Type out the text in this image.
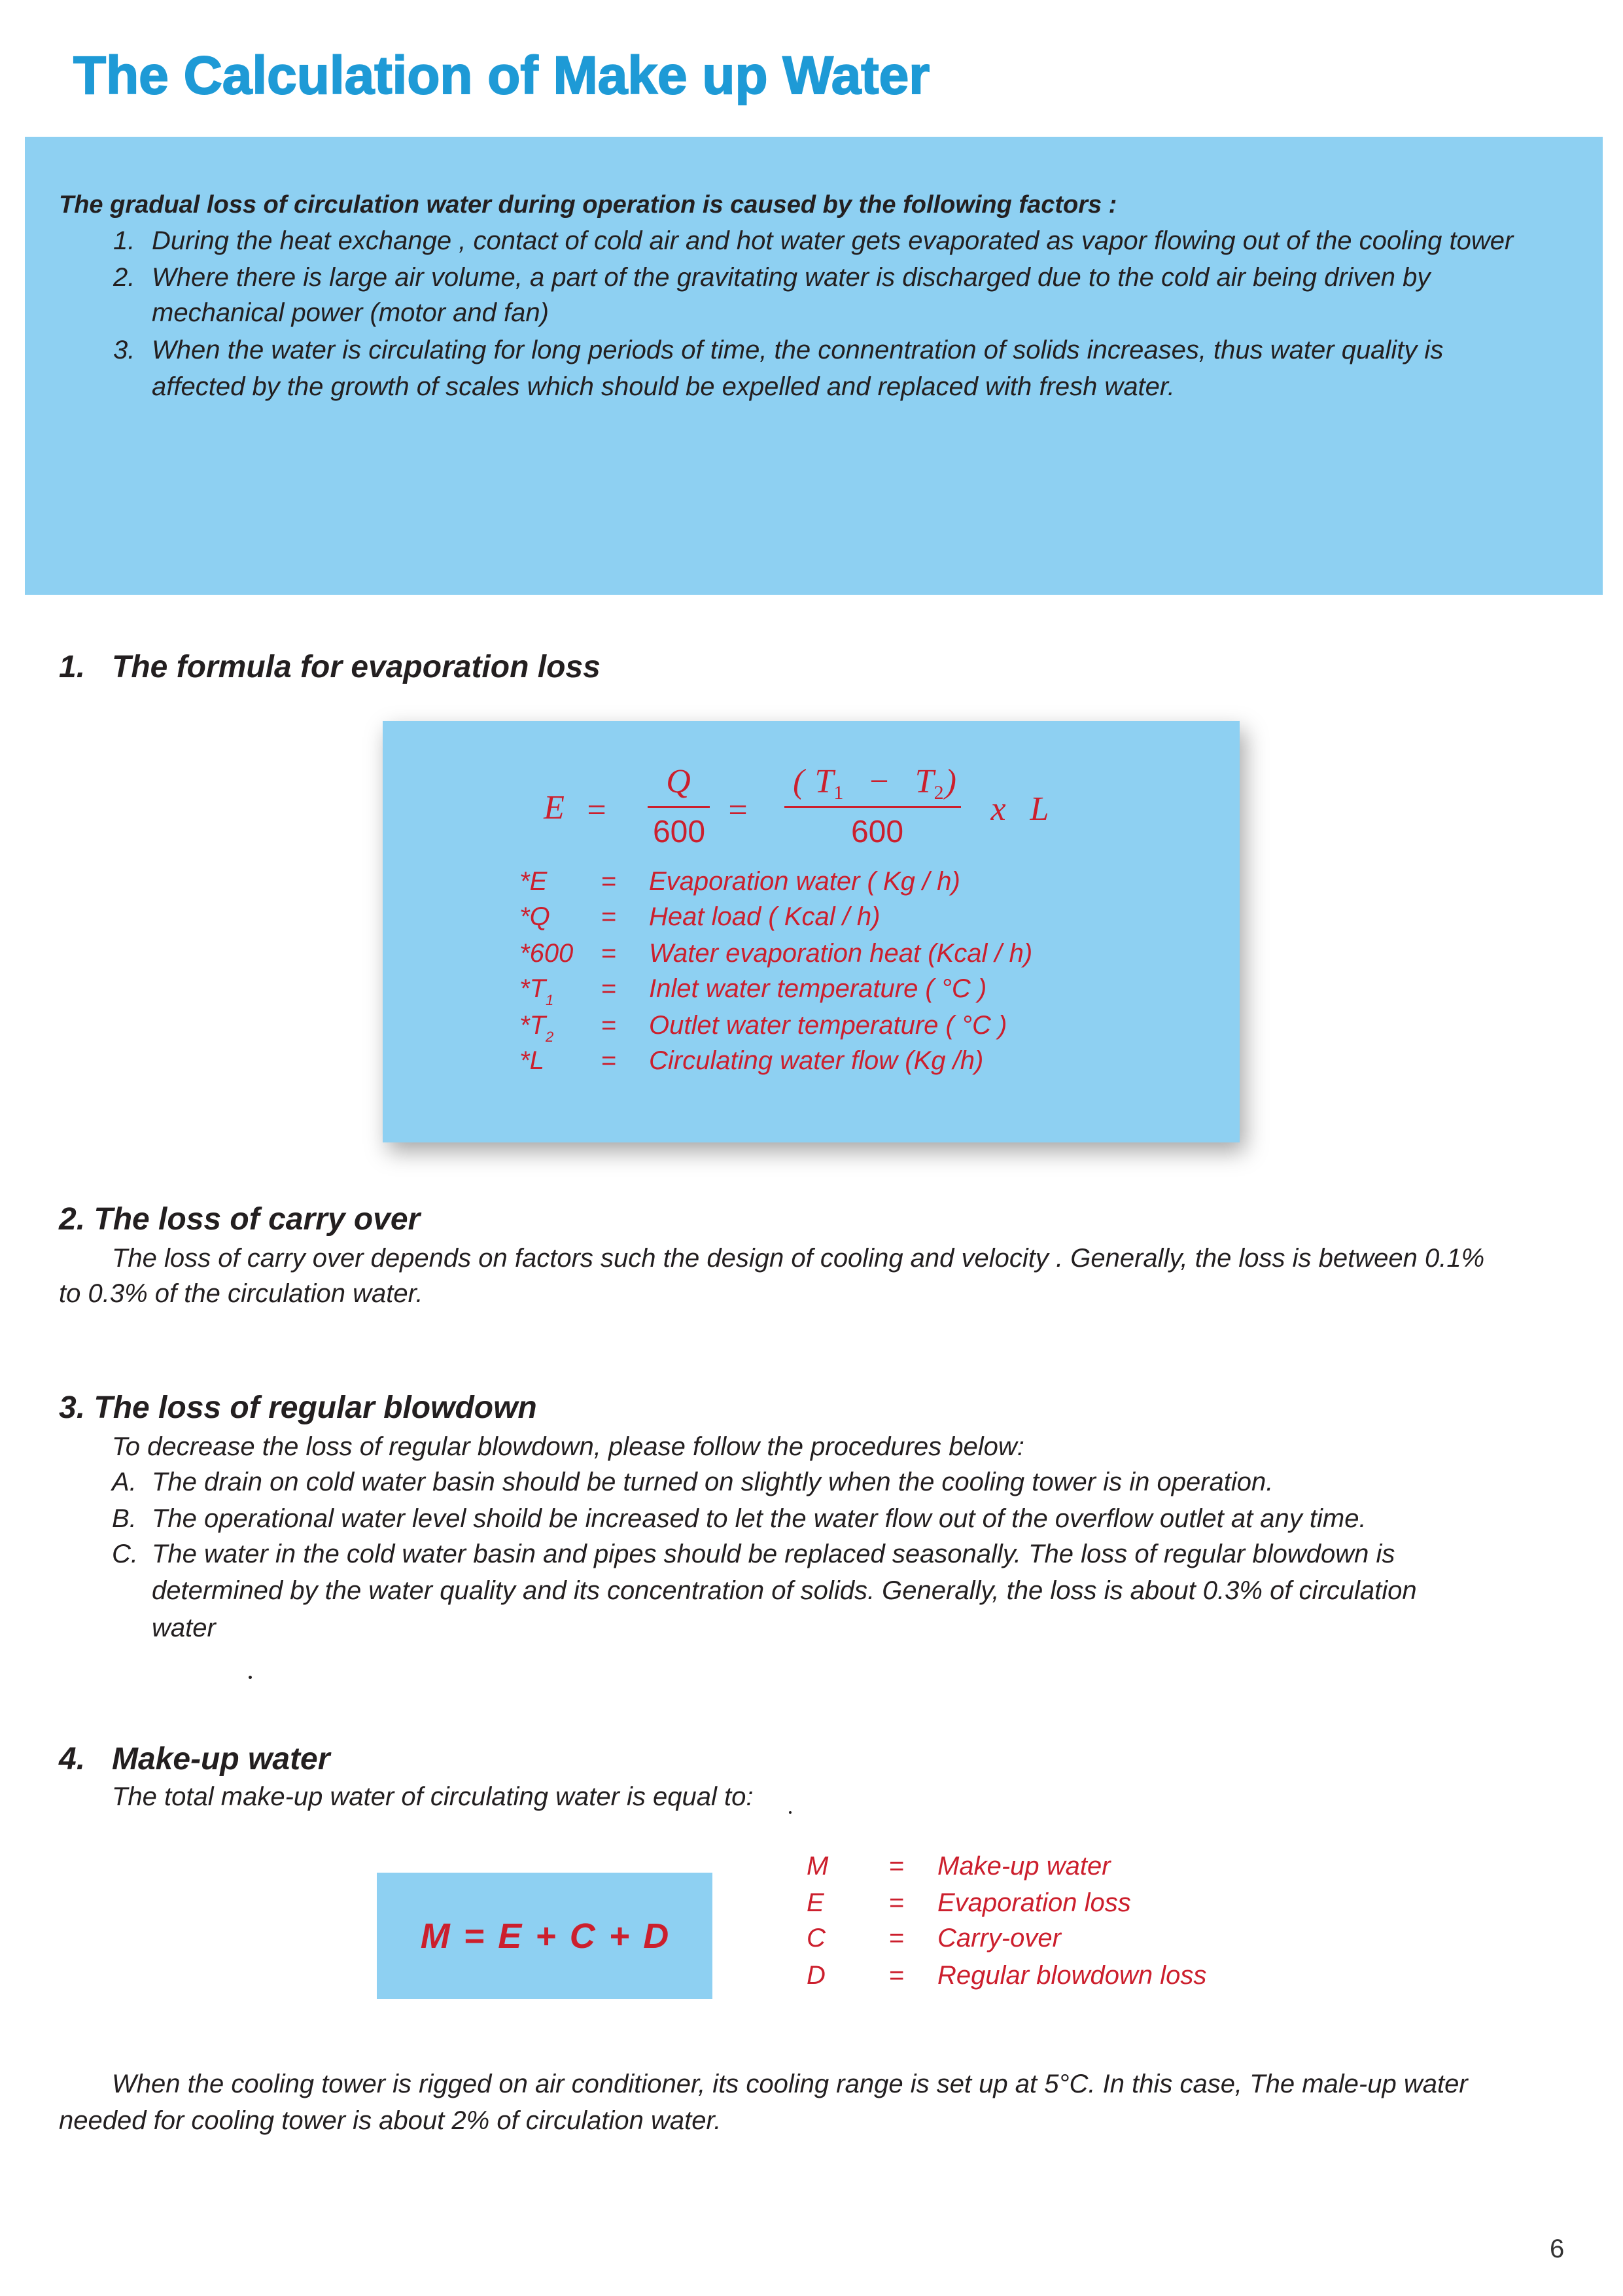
The Calculation of Make up Water
The gradual loss of circulation water during operation is caused by the following factors :
1. During the heat exchange , contact of cold air and hot water gets evaporated as vapor flowing out of the cooling tower
2. Where there is large air volume, a part of the gravitating water is discharged due to the cold air being driven by
mechanical power (motor and fan)
3. When the water is circulating for long periods of time, the connentration of solids increases, thus water quality is
affected by the growth of scales which should be expelled and replaced with fresh water.
1. The formula for evaporation loss
E =
Q
600
=
( T 1 − T 2 )
600
x L
*E = Evaporation water ( Kg / h)
*Q = Heat load ( Kcal / h)
*600 = Water evaporation heat (Kcal / h)
$*T_1$ = Inlet water temperature ( °C )
$*T_2$ = Outlet water temperature ( °C )
*L = Circulating water flow (Kg /h)
2. The loss of carry over
The loss of carry over depends on factors such the design of cooling and velocity . Generally, the loss is between 0.1%
to 0.3% of the circulation water.
3. The loss of regular blowdown
To decrease the loss of regular blowdown, please follow the procedures below:
A. The drain on cold water basin should be turned on slightly when the cooling tower is in operation.
B. The operational water level shoild be increased to let the water flow out of the overflow outlet at any time.
C. The water in the cold water basin and pipes should be replaced seasonally. The loss of regular blowdown is
determined by the water quality and its concentration of solids. Generally, the loss is about 0.3% of circulation
water
4. Make-up water
The total make-up water of circulating water is equal to:
M = E + C + D
M = Make-up water
E = Evaporation loss
C = Carry-over
D = Regular blowdown loss
When the cooling tower is rigged on air conditioner, its cooling range is set up at 5°C. In this case, The male-up water
needed for cooling tower is about 2% of circulation water.
6
